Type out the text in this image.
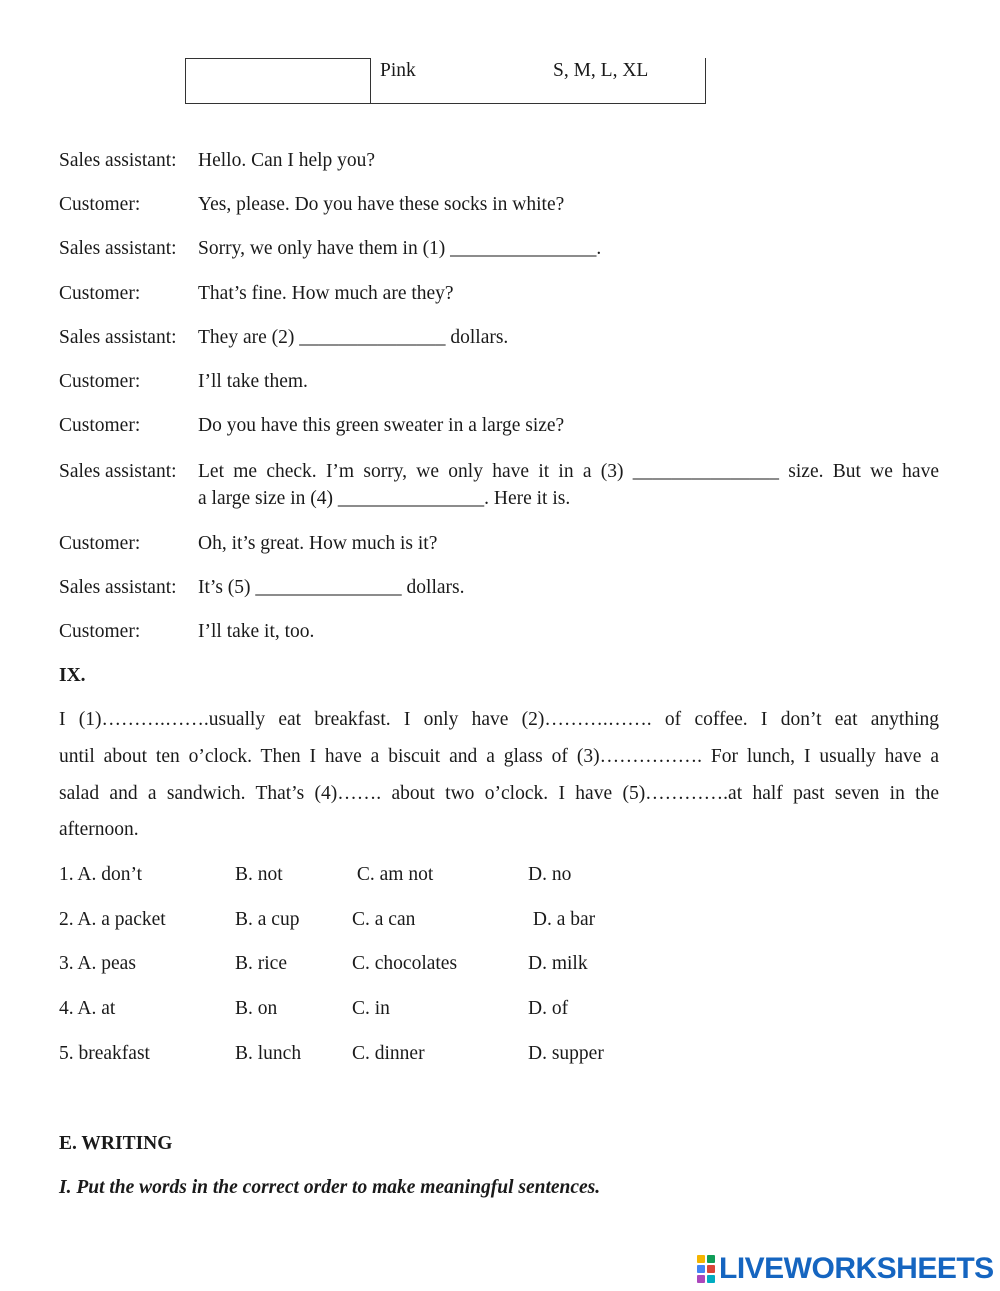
Pink	S, M, L, XL
Sales assistant: Hello. Can I help you?
Customer:	Yes, please. Do you have these socks in white?
Sales assistant: Sorry, we only have them in (1) _______________.
Customer:	That’s fine. How much are they?
Sales assistant: They are (2) _______________ dollars.
Customer:	I’ll take them.
Customer:	Do you have this green sweater in a large size?
Sales assistant: Let me check. I’m sorry, we only have it in a (3) _______________ size. But we have
a large size in (4) _______________. Here it is.
Customer:	Oh, it’s great. How much is it?
Sales assistant: It’s (5) _______________ dollars.
Customer:	I’ll take it, too.
IX.
I (1)……….…….usually eat breakfast. I only have (2)……….……. of coffee. I don’t eat anything
until about ten o’clock. Then I have a biscuit and a glass of (3)……………. For lunch, I usually have a
salad and a sandwich. That’s (4)……. about two o’clock. I have (5)………….at half past seven in the
afternoon.
1. A. don’t	B. not	C. am not	D. no
2. A. a packet	B. a cup	C. a can	D. a bar
3. A. peas	B. rice	C. chocolates	D. milk
4. A. at	B. on	C. in	D. of
5. breakfast	B. lunch	C. dinner	D. supper
E. WRITING
I. Put the words in the correct order to make meaningful sentences.
LIVEWORKSHEETS
